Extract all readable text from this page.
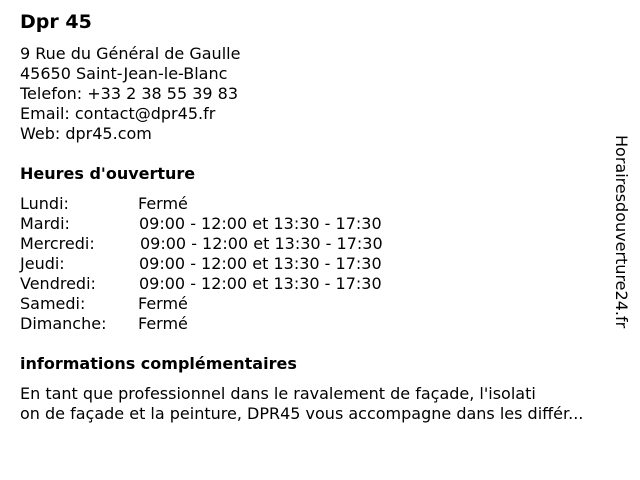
Dpr 45
9 Rue du Général de Gaulle
45650 Saint-Jean-le-Blanc
Telefon: +33 2 38 55 39 83
Email: contact@dpr45.fr
Web: dpr45.com
Heures d'ouverture
Lundi:	Fermé
Mardi:	09:00 - 12:00 et 13:30 - 17:30
Mercredi:	09:00 - 12:00 et 13:30 - 17:30
Jeudi:	09:00 - 12:00 et 13:30 - 17:30
Vendredi:	09:00 - 12:00 et 13:30 - 17:30
Samedi:	Fermé
Dimanche: Fermé
informations complémentaires
En tant que professionnel dans le ravalement de façade, l'isolati
on de façade et la peinture, DPR45 vous accompagne dans les différ...
Horairesdouverture24.fr
